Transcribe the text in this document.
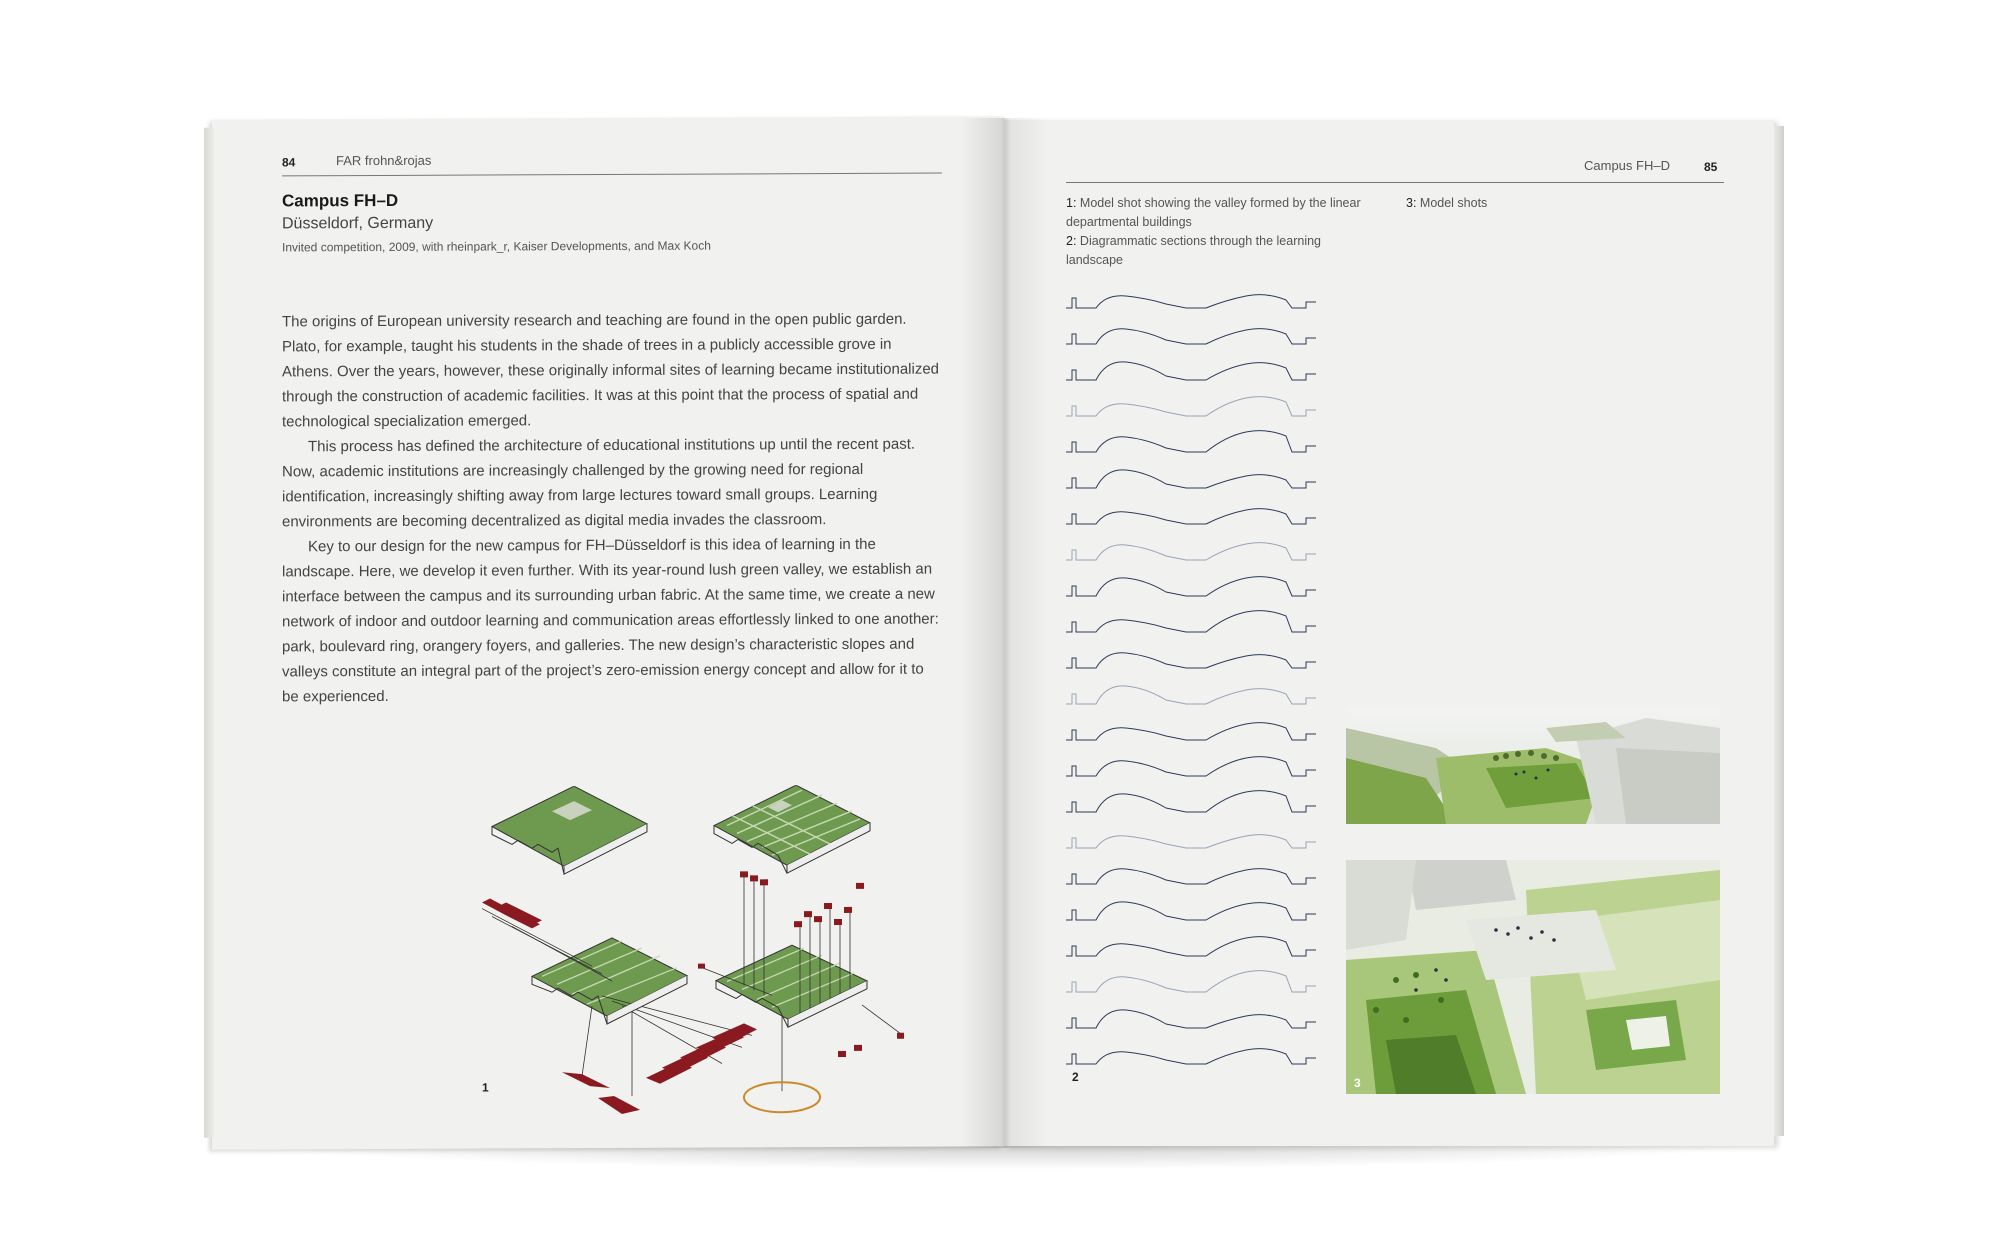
84	FAR frohn&rojas
Campus FH–D
Düsseldorf, Germany
Invited competition, 2009, with rheinpark_r, Kaiser Developments, and Max Koch

The origins of European university research and teaching are found in the open public garden. Plato, for example, taught his students in the shade of trees in a publicly accessible grove in Athens. Over the years, however, these originally informal sites of learning became institutionalized through the construction of academic facilities. It was at this point that the process of spatial and technological specialization emerged.

This process has defined the architecture of educational institutions up until the recent past. Now, academic institutions are increasingly challenged by the growing need for regional identification, increasingly shifting away from large lectures toward small groups. Learning environments are becoming decentralized as digital media invades the classroom.

Key to our design for the new campus for FH–Düsseldorf is this idea of learning in the landscape. Here, we develop it even further. With its year-round lush green valley, we establish an interface between the campus and its surrounding urban fabric. At the same time, we create a new network of indoor and outdoor learning and communication areas effortlessly linked to one another: park, boulevard ring, orangery foyers, and galleries. The new design’s characteristic slopes and valleys constitute an integral part of the project’s zero-emission energy concept and allow for it to be experienced.

1
Campus FH–D	85
1: Model shot showing the valley formed by the linear departmental buildings
2: Diagrammatic sections through the learning landscape
3: Model shots
2	3
